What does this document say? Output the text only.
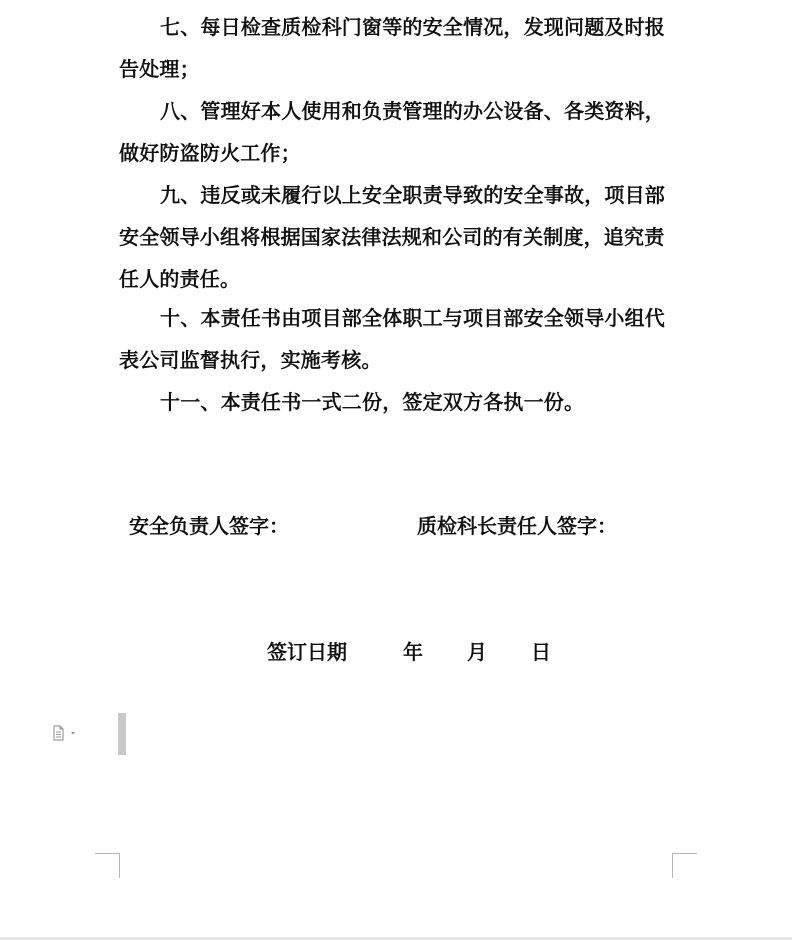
七、每日检查质检科门窗等的安全情况，发现问题及时报告处理；

八、管理好本人使用和负责管理的办公设备、各类资料，做好防盗防火工作；

九、违反或未履行以上安全职责导致的安全事故，项目部安全领导小组将根据国家法律法规和公司的有关制度，追究责任人的责任。

十、本责任书由项目部全体职工与项目部安全领导小组代表公司监督执行，实施考核。

十一、本责任书一式二份，签定双方各执一份。

安全负责人签字：	质检科长责任人签字：
签订日期	年 月 日
